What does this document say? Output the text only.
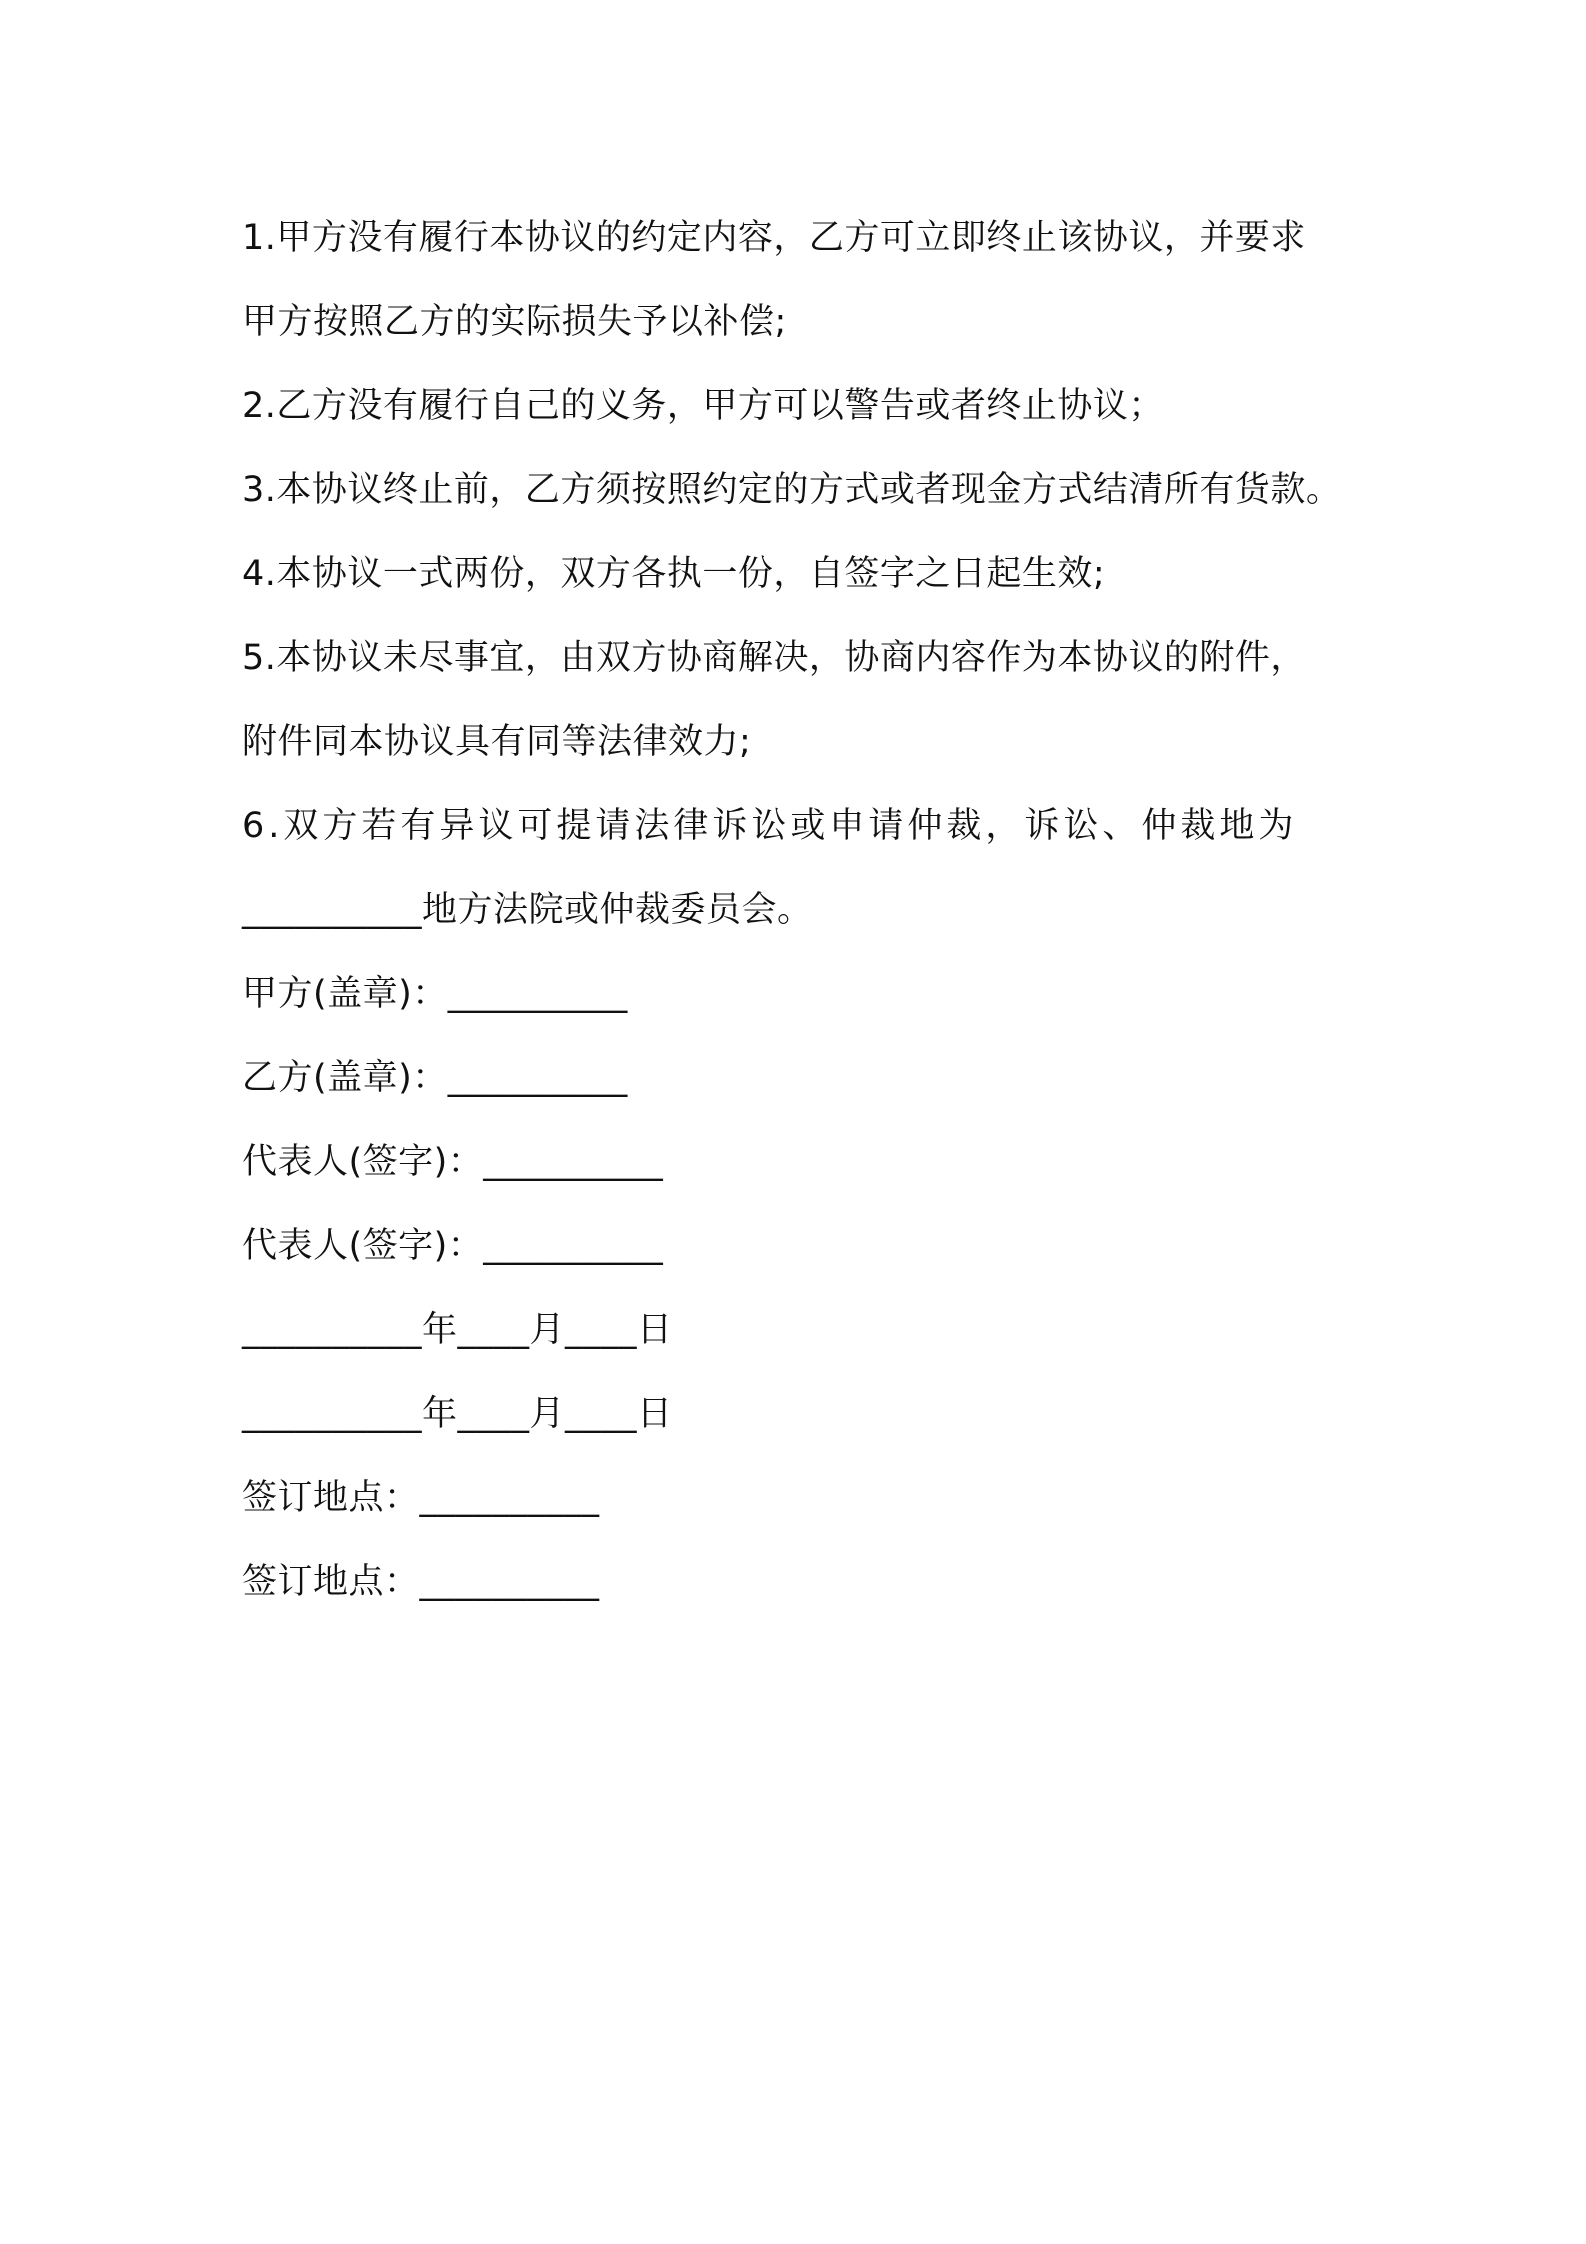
1.甲方没有履行本协议的约定内容，乙方可立即终止该协议，并要求
甲方按照乙方的实际损失予以补偿;
2.乙方没有履行自己的义务，甲方可以警告或者终止协议；
3.本协议终止前，乙方须按照约定的方式或者现金方式结清所有货款。
4.本协议一式两份，双方各执一份，自签字之日起生效;
5.本协议未尽事宜，由双方协商解决，协商内容作为本协议的附件，
附件同本协议具有同等法律效力;
6.双方若有异议可提请法律诉讼或申请仲裁，诉讼、仲裁地为
__________地方法院或仲裁委员会。
甲方(盖章)：__________
乙方(盖章)：__________
代表人(签字)：__________
代表人(签字)：__________
__________年____月____日
__________年____月____日
签订地点：__________
签订地点：__________
